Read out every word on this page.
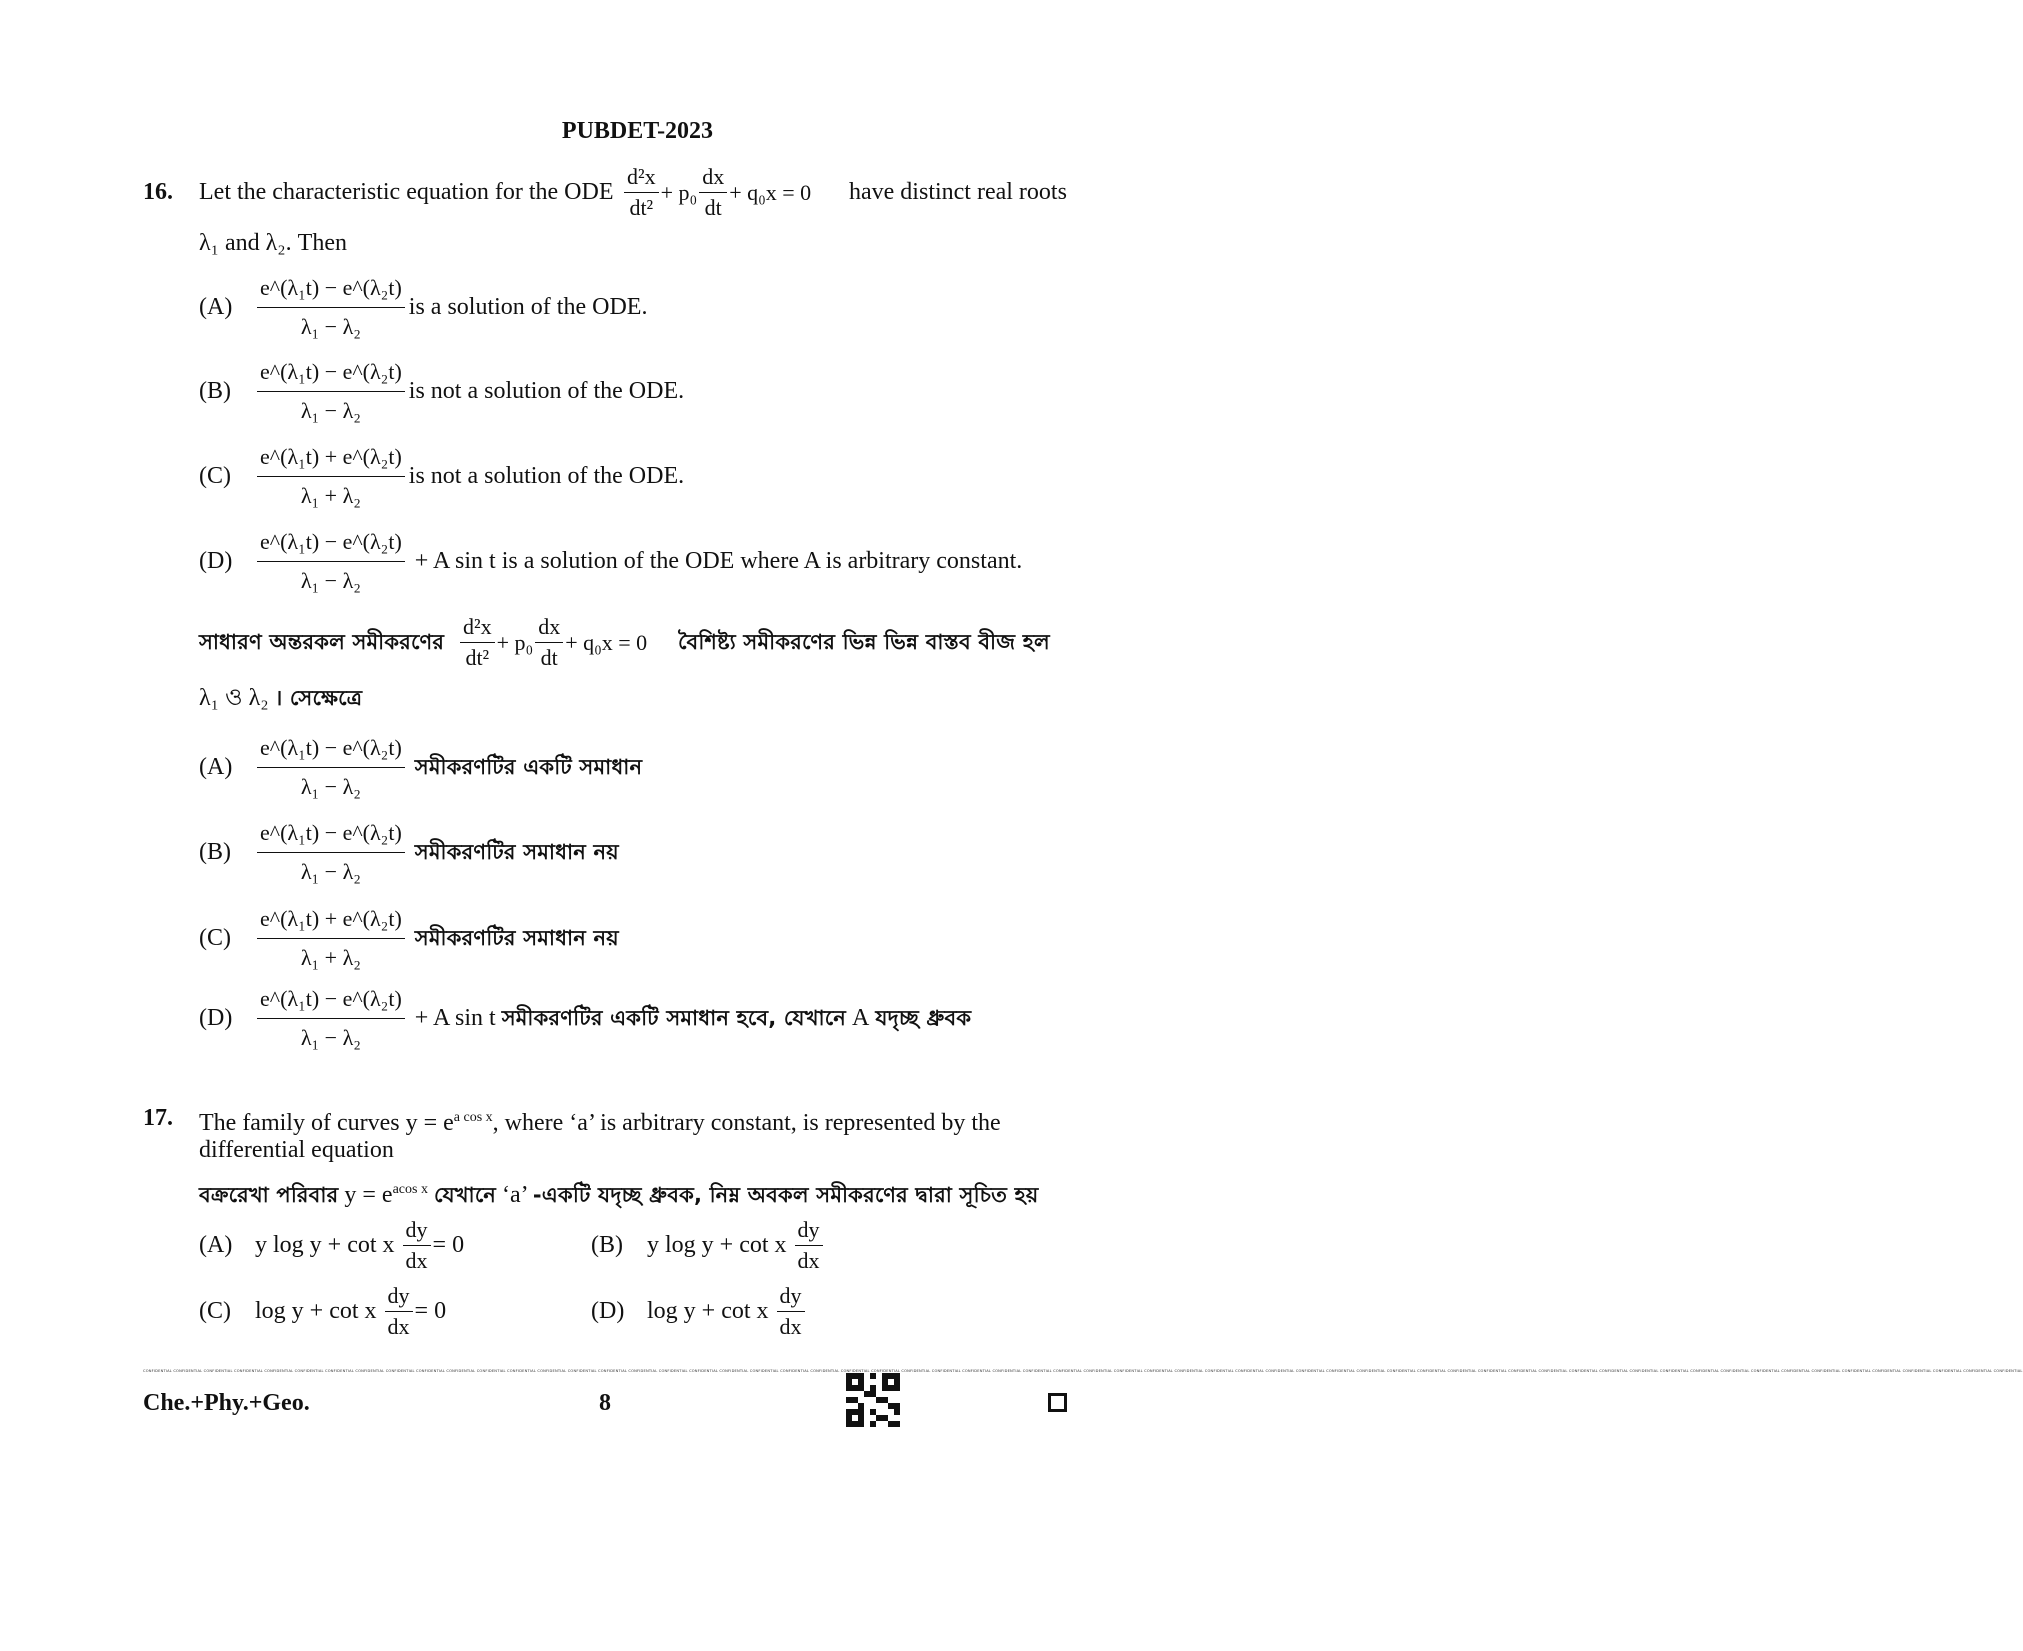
PUBDET-2023
16. Let the characteristic equation for the ODE $\frac{\text{d²x}}{\text{dt²}} + p_0 \frac{dx}{dt} + q_0x = 0$ have distinct real roots
λ₁ and λ₂. Then
(A)	$\frac{\text{e\textasciicircum{}(λ₁t) − e\textasciicircum{}(λ₂t)}}{\text{λ₁ − λ₂}}$ is a solution of the ODE.
(B)	$\frac{\text{e\textasciicircum{}(λ₁t) − e\textasciicircum{}(λ₂t)}}{\text{λ₁ − λ₂}}$ is not a solution of the ODE.
(C)	$\frac{\text{e\textasciicircum{}(λ₁t) + e\textasciicircum{}(λ₂t)}}{\text{λ₁ + λ₂}}$ is not a solution of the ODE.
(D)	$\frac{\text{e\textasciicircum{}(λ₁t) − e\textasciicircum{}(λ₂t)}}{\text{λ₁ − λ₂}} + A$ sin t is a solution of the ODE where A is arbitrary constant.
সাধারণ অন্তরকল সমীকরণের $\frac{\text{d²x}}{\text{dt²}} + p_0 \frac{dx}{dt} + q_0x = 0$ বৈশিষ্ট্য সমীকরণের ভিন্ন ভিন্ন বাস্তব বীজ হল
λ₁ ও λ₂ । সেক্ষেত্রে
(A)	$\frac{\text{e\textasciicircum{}(λ₁t) − e\textasciicircum{}(λ₂t)}}{\text{λ₁ − λ₂}}$ সমীকরণটির একটি সমাধান
(B)	$\frac{\text{e\textasciicircum{}(λ₁t) − e\textasciicircum{}(λ₂t)}}{\text{λ₁ − λ₂}}$ সমীকরণটির সমাধান নয়
(C)	$\frac{\text{e\textasciicircum{}(λ₁t) + e\textasciicircum{}(λ₂t)}}{\text{λ₁ + λ₂}}$ সমীকরণটির সমাধান নয়
(D)	$\frac{\text{e\textasciicircum{}(λ₁t) − e\textasciicircum{}(λ₂t)}}{\text{λ₁ − λ₂}} + A$ sin t সমীকরণটির একটি সমাধান হবে, যেখানে A যদৃচ্ছ ধ্রুবক
17. The family of curves $y = e^{a cos x}$, where ‘a’ is arbitrary constant, is represented by the
differential equation
বক্ররেখা পরিবার $y = e^{acos x}$ যেখানে ‘a’ -একটি যদৃচ্ছ ধ্রুবক, নিম্ন অবকল সমীকরণের দ্বারা সূচিত হয়
(A) y log y + cot x $\frac{dy}{dx} = 0$	(B)	y log y + cot x $\frac{dy}{dx}$
(C)	log y + cot x $\frac{dy}{dx} = 0$	(D) log y + cot x $\frac{dy}{dx}$
CONFIDENTIAL CONFIDENTIAL CONFIDENTIAL CONFIDENTIAL CONFIDENTIAL CONFIDENTIAL CONFIDENTIAL CONFIDENTIAL CONFIDENTIAL CONFIDENTIAL CONFIDENTIAL CONFIDENTIAL CONFIDENTIAL CONFIDENTIAL CONFIDENTIAL CONFIDENTIAL CONFIDENTIAL CONFIDENTIAL CONFIDENTIAL CONFIDENTIAL CONFIDENTIAL CONFIDENTIAL CONFIDENTIAL CONFIDENTIAL CONFIDENTIAL CONFIDENTIAL CONFIDENTIAL CONFIDENTIAL CONFIDENTIAL CONFIDENTIAL CONFIDENTIAL CONFIDENTIAL CONFIDENTIAL CONFIDENTIAL CONFIDENTIAL CONFIDENTIAL CONFIDENTIAL CONFIDENTIAL CONFIDENTIAL CONFIDENTIAL CONFIDENTIAL CONFIDENTIAL CONFIDENTIAL CONFIDENTIAL CONFIDENTIAL CONFIDENTIAL CONFIDENTIAL CONFIDENTIAL CONFIDENTIAL CONFIDENTIAL CONFIDENTIAL CONFIDENTIAL CONFIDENTIAL CONFIDENTIAL CONFIDENTIAL CONFIDENTIAL CONFIDENTIAL CONFIDENTIAL CONFIDENTIAL CONFIDENTIAL CONFIDENTIAL CONFIDENTIAL
Che.+Phy.+Geo.	8
